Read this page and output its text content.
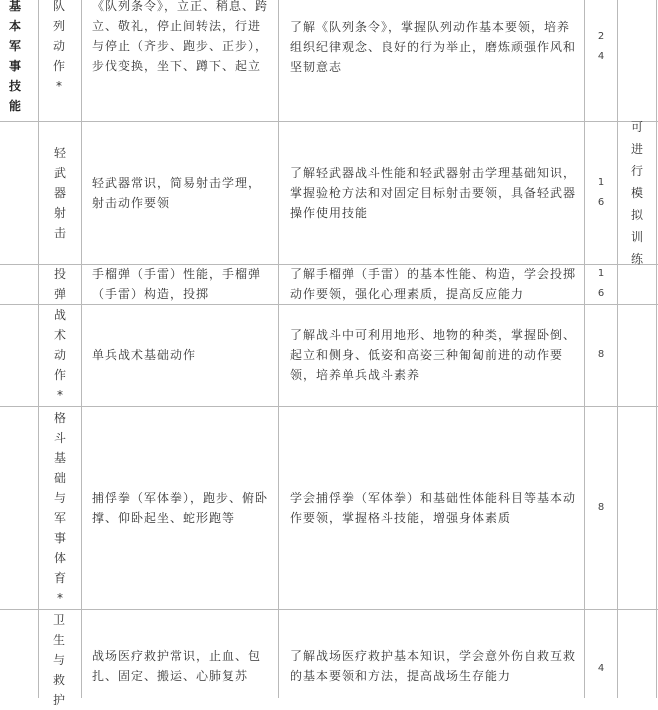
基本军事技能
队列动作*
《队列条令》，立正、稍息、跨立、敬礼，停止间转法，行进与停止（齐步、跑步、正步），步伐变换，坐下、蹲下、起立
了解《队列条令》，掌握队列动作基本要领，培养组织纪律观念、良好的行为举止，磨炼顽强作风和坚韧意志
24
轻武器射击
轻武器常识，简易射击学理，射击动作要领
了解轻武器战斗性能和轻武器射击学理基础知识，掌握验枪方法和对固定目标射击要领，具备轻武器操作使用技能
16
可进行模拟训练
投弹
手榴弹（手雷）性能，手榴弹（手雷）构造，投掷
了解手榴弹（手雷）的基本性能、构造，学会投掷动作要领，强化心理素质，提高反应能力
16
战术动作*
单兵战术基础动作
了解战斗中可利用地形、地物的种类，掌握卧倒、起立和侧身、低姿和高姿三种匍匐前进的动作要领，培养单兵战斗素养
8
格斗基础与军事体育*
捕俘拳（军体拳），跑步、俯卧撑、仰卧起坐、蛇形跑等
学会捕俘拳（军体拳）和基础性体能科目等基本动作要领，掌握格斗技能，增强身体素质
8
卫生与救护
战场医疗救护常识，止血、包扎、固定、搬运、心肺复苏
了解战场医疗救护基本知识，学会意外伤自救互救的基本要领和方法，提高战场生存能力
4
